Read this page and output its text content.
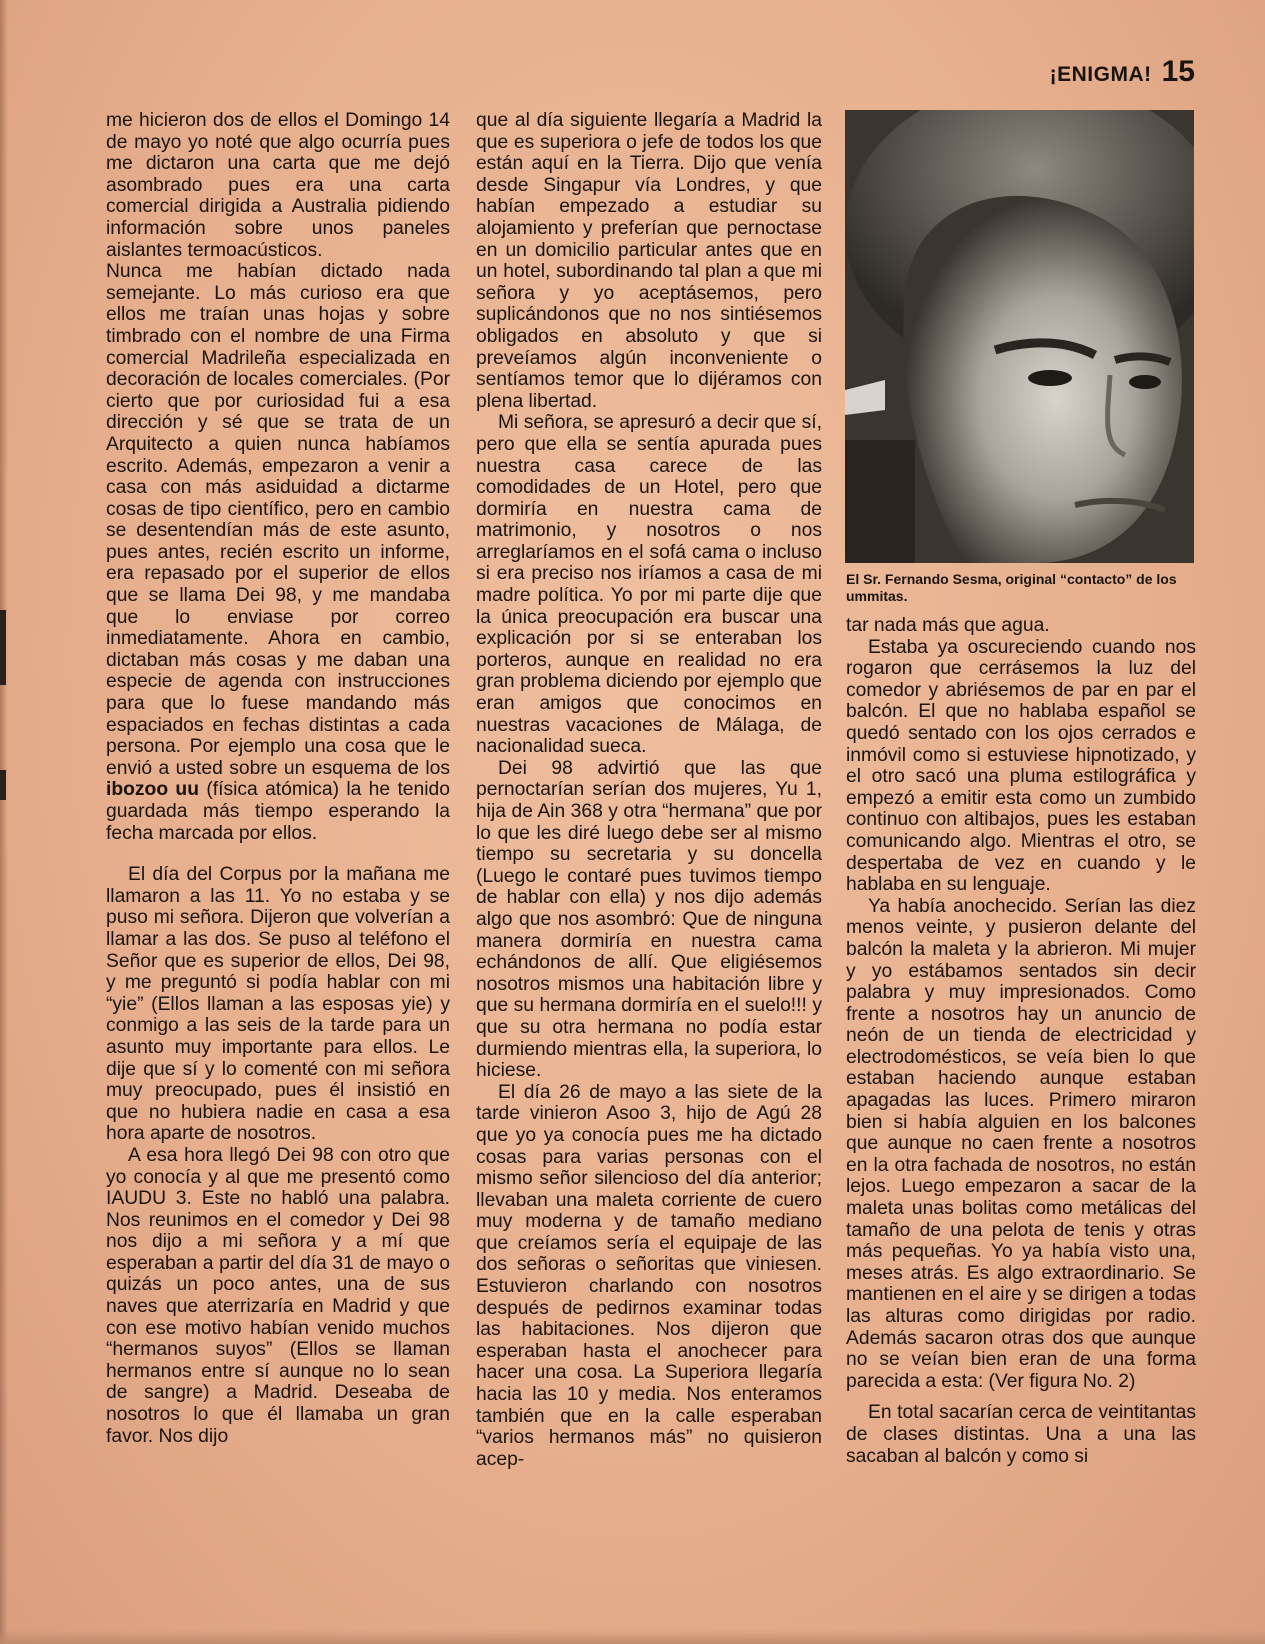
¡ENIGMA! 15

me hicieron dos de ellos el Domingo 14 de mayo yo noté que algo ocurría pues me dictaron una carta que me dejó asombrado pues era una carta comercial dirigida a Australia pidiendo información sobre unos paneles aislantes termoacústicos.

Nunca me habían dictado nada semejante. Lo más curioso era que ellos me traían unas hojas y sobre timbrado con el nombre de una Firma comercial Madrileña especializada en decoración de locales comerciales. (Por cierto que por curiosidad fui a esa dirección y sé que se trata de un Arquitecto a quien nunca habíamos escrito. Además, empezaron a venir a casa con más asiduidad a dictarme cosas de tipo científico, pero en cambio se desentendían más de este asunto, pues antes, recién escrito un informe, era repasado por el superior de ellos que se llama Dei 98, y me mandaba que lo enviase por correo inmediatamente. Ahora en cambio, dictaban más cosas y me daban una especie de agenda con instrucciones para que lo fuese mandando más espaciados en fechas distintas a cada persona. Por ejemplo una cosa que le envió a usted sobre un esquema de los ibozoo uu (física atómica) la he tenido guardada más tiempo esperando la fecha marcada por ellos.

El día del Corpus por la mañana me llamaron a las 11. Yo no estaba y se puso mi señora. Dijeron que volverían a llamar a las dos. Se puso al teléfono el Señor que es superior de ellos, Dei 98, y me preguntó si podía hablar con mi “yie” (Ellos llaman a las esposas yie) y conmigo a las seis de la tarde para un asunto muy importante para ellos. Le dije que sí y lo comenté con mi señora muy preocupado, pues él insistió en que no hubiera nadie en casa a esa hora aparte de nosotros.

A esa hora llegó Dei 98 con otro que yo conocía y al que me presentó como IAUDU 3. Este no habló una palabra. Nos reunimos en el comedor y Dei 98 nos dijo a mi señora y a mí que esperaban a partir del día 31 de mayo o quizás un poco antes, una de sus naves que aterrizaría en Madrid y que con ese motivo habían venido muchos “hermanos suyos” (Ellos se llaman hermanos entre sí aunque no lo sean de sangre) a Madrid. Deseaba de nosotros lo que él llamaba un gran favor. Nos dijo

que al día siguiente llegaría a Madrid la que es superiora o jefe de todos los que están aquí en la Tierra. Dijo que venía desde Singapur vía Londres, y que habían empezado a estudiar su alojamiento y preferían que pernoctase en un domicilio particular antes que en un hotel, subordinando tal plan a que mi señora y yo aceptásemos, pero suplicándonos que no nos sintiésemos obligados en absoluto y que si preveíamos algún inconveniente o sentíamos temor que lo dijéramos con plena libertad.

Mi señora, se apresuró a decir que sí, pero que ella se sentía apurada pues nuestra casa carece de las comodidades de un Hotel, pero que dormiría en nuestra cama de matrimonio, y nosotros o nos arreglaríamos en el sofá cama o incluso si era preciso nos iríamos a casa de mi madre política. Yo por mi parte dije que la única preocupación era buscar una explicación por si se enteraban los porteros, aunque en realidad no era gran problema diciendo por ejemplo que eran amigos que conocimos en nuestras vacaciones de Málaga, de nacionalidad sueca.

Dei 98 advirtió que las que pernoctarían serían dos mujeres, Yu 1, hija de Ain 368 y otra “hermana” que por lo que les diré luego debe ser al mismo tiempo su secretaria y su doncella (Luego le contaré pues tuvimos tiempo de hablar con ella) y nos dijo además algo que nos asombró: Que de ninguna manera dormiría en nuestra cama echándonos de allí. Que eligiésemos nosotros mismos una habitación libre y que su hermana dormiría en el suelo!!! y que su otra hermana no podía estar durmiendo mientras ella, la superiora, lo hiciese.

El día 26 de mayo a las siete de la tarde vinieron Asoo 3, hijo de Agú 28 que yo ya conocía pues me ha dictado cosas para varias personas con el mismo señor silencioso del día anterior; llevaban una maleta corriente de cuero muy moderna y de tamaño mediano que creíamos sería el equipaje de las dos señoras o señoritas que viniesen. Estuvieron charlando con nosotros después de pedirnos examinar todas las habitaciones. Nos dijeron que esperaban hasta el anochecer para hacer una cosa. La Superiora llegaría hacia las 10 y media. Nos enteramos también que en la calle esperaban “varios hermanos más” no quisieron acep-

El Sr. Fernando Sesma, original “contacto” de los ummitas.

tar nada más que agua.

Estaba ya oscureciendo cuando nos rogaron que cerrásemos la luz del comedor y abriésemos de par en par el balcón. El que no hablaba español se quedó sentado con los ojos cerrados e inmóvil como si estuviese hipnotizado, y el otro sacó una pluma estilográfica y empezó a emitir esta como un zumbido continuo con altibajos, pues les estaban comunicando algo. Mientras el otro, se despertaba de vez en cuando y le hablaba en su lenguaje.

Ya había anochecido. Serían las diez menos veinte, y pusieron delante del balcón la maleta y la abrieron. Mi mujer y yo estábamos sentados sin decir palabra y muy impresionados. Como frente a nosotros hay un anuncio de neón de un tienda de electricidad y electrodomésticos, se veía bien lo que estaban haciendo aunque estaban apagadas las luces. Primero miraron bien si había alguien en los balcones que aunque no caen frente a nosotros en la otra fachada de nosotros, no están lejos. Luego empezaron a sacar de la maleta unas bolitas como metálicas del tamaño de una pelota de tenis y otras más pequeñas. Yo ya había visto una, meses atrás. Es algo extraordinario. Se mantienen en el aire y se dirigen a todas las alturas como dirigidas por radio. Además sacaron otras dos que aunque no se veían bien eran de una forma parecida a esta: (Ver figura No. 2)

En total sacarían cerca de veintitantas de clases distintas. Una a una las sacaban al balcón y como si
